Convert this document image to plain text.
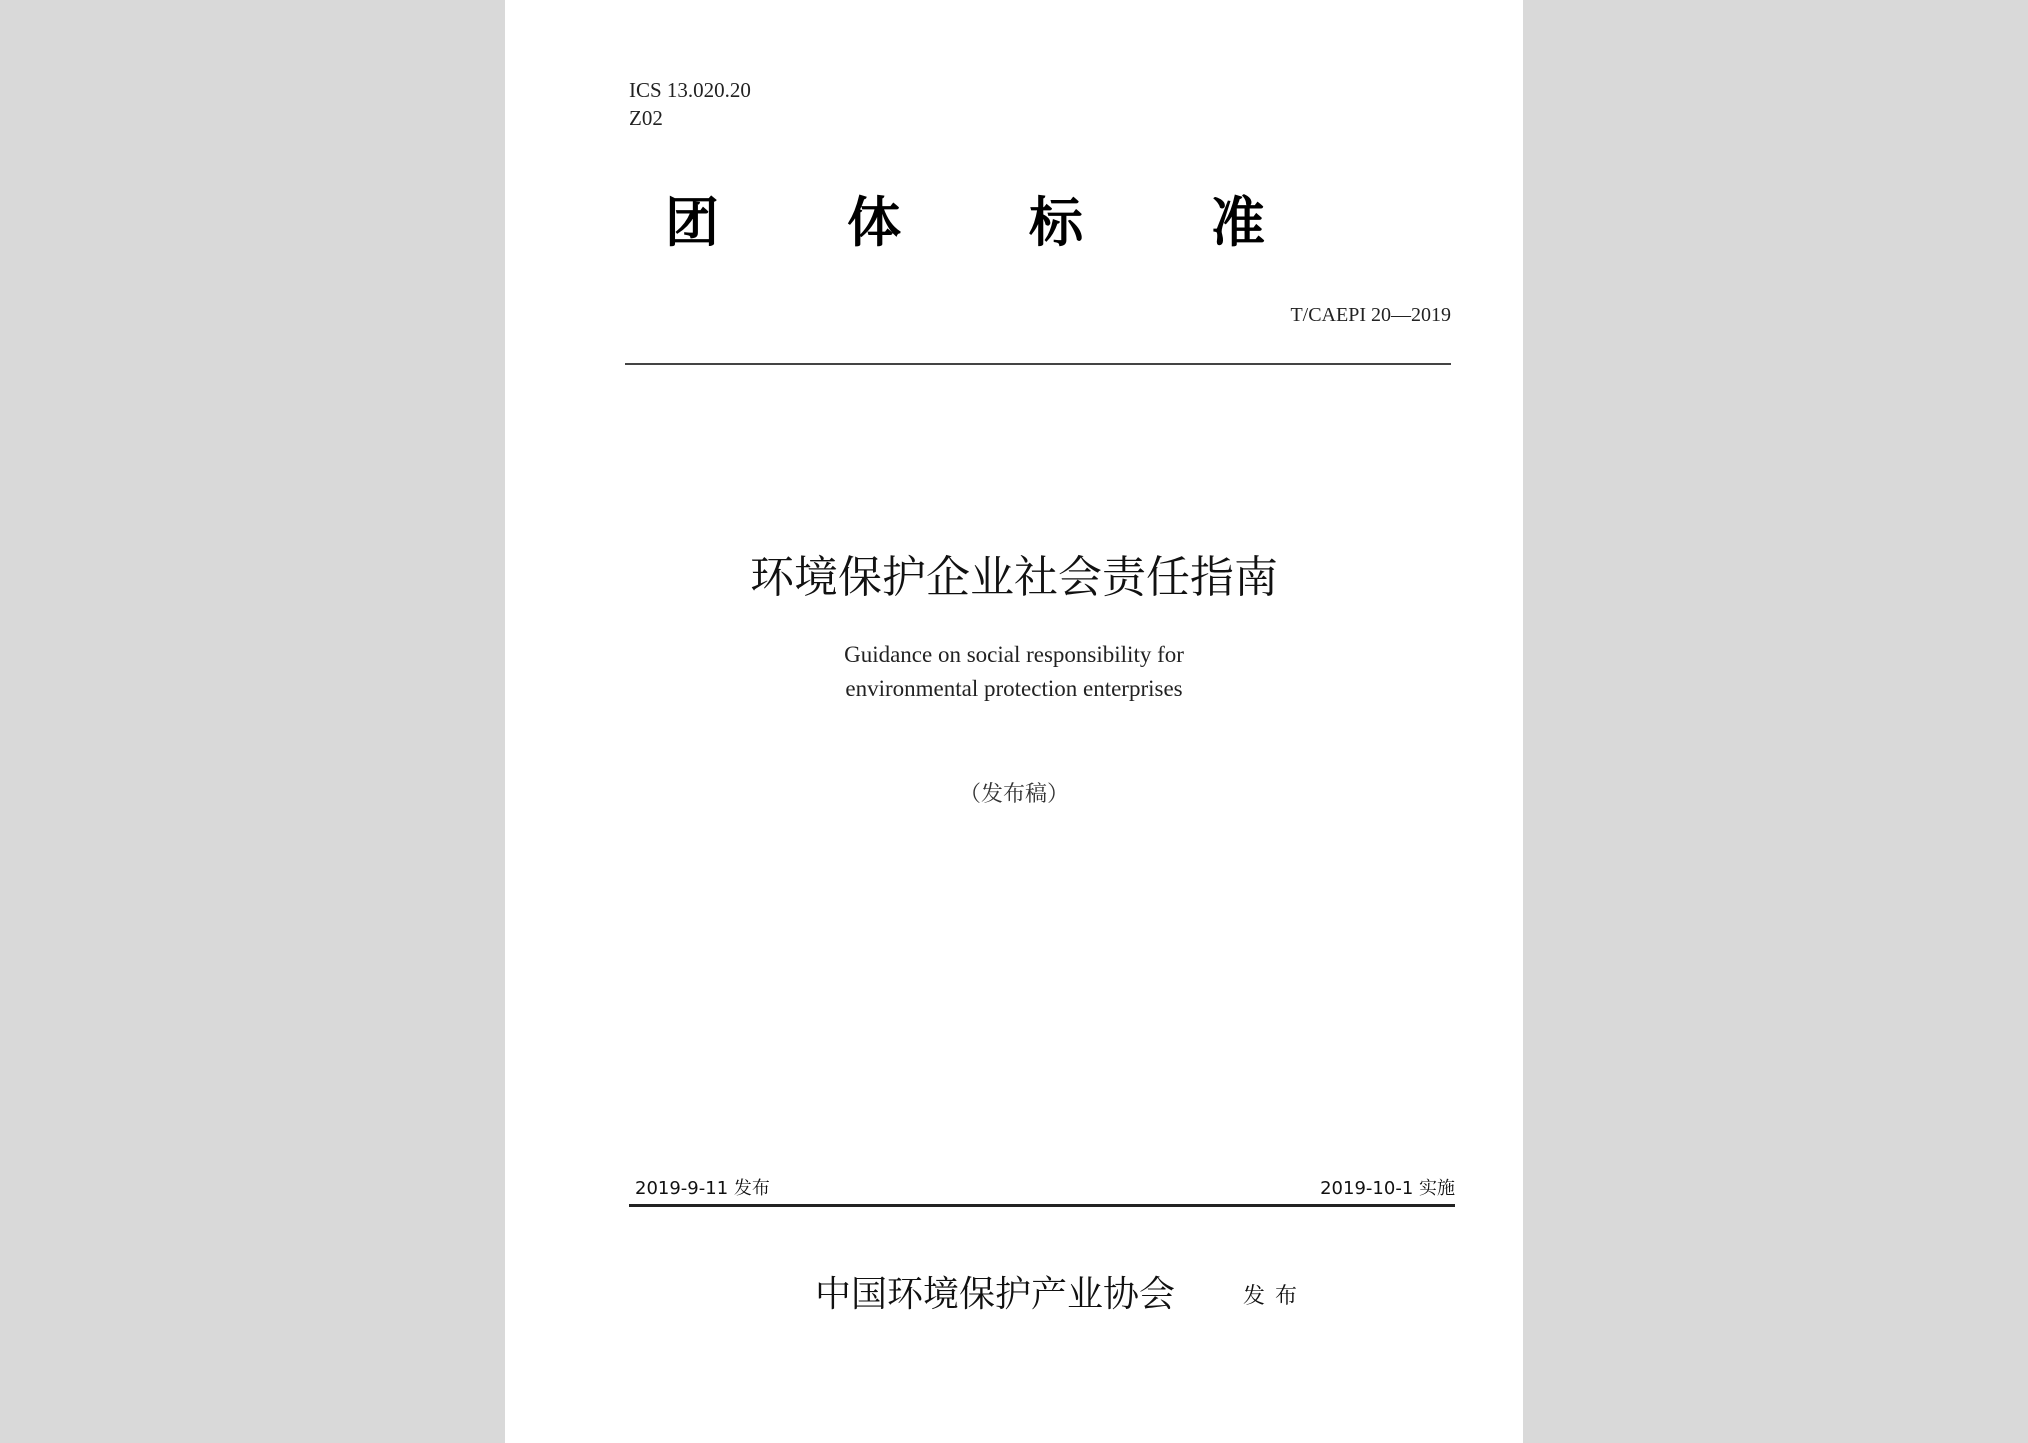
ICS 13.020.20
Z02
团 体 标 准
T/CAEPI 20—2019
环境保护企业社会责任指南
Guidance on social responsibility for
environmental protection enterprises
（发布稿）
2019-9-11 发布	2019-10-1 实施
中国环境保护产业协会	发布
